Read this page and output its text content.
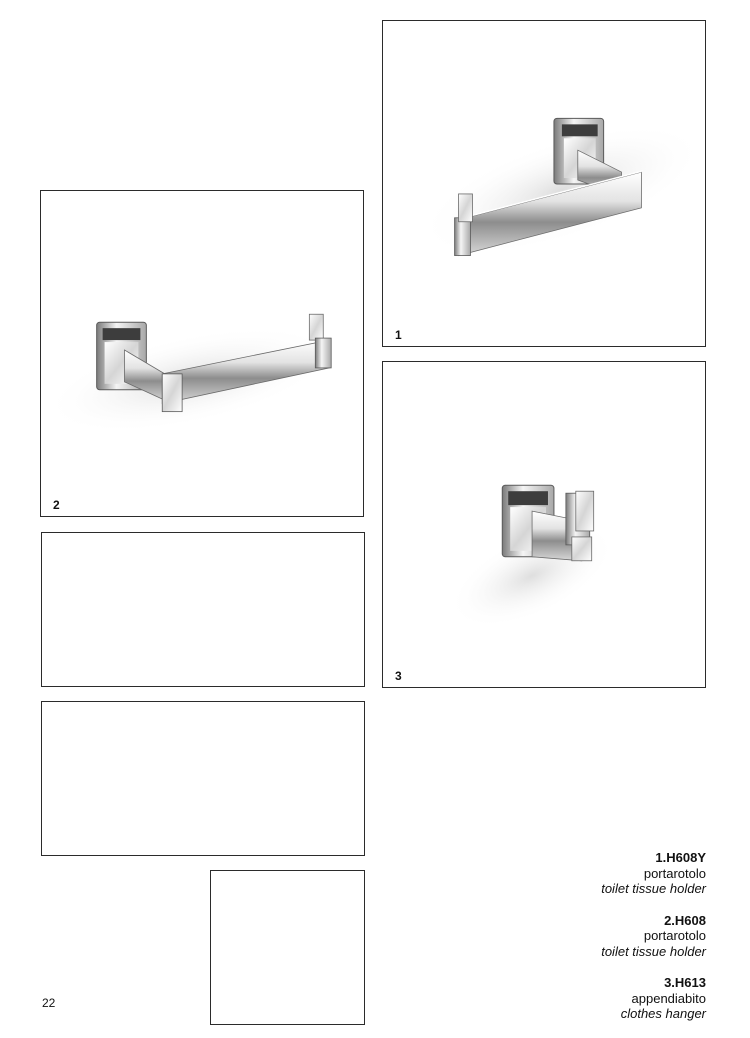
1
2
3
1.H608Y
portarotolo
toilet tissue holder
2.H608
portarotolo
toilet tissue holder
3.H613
appendiabito
clothes hanger
22
